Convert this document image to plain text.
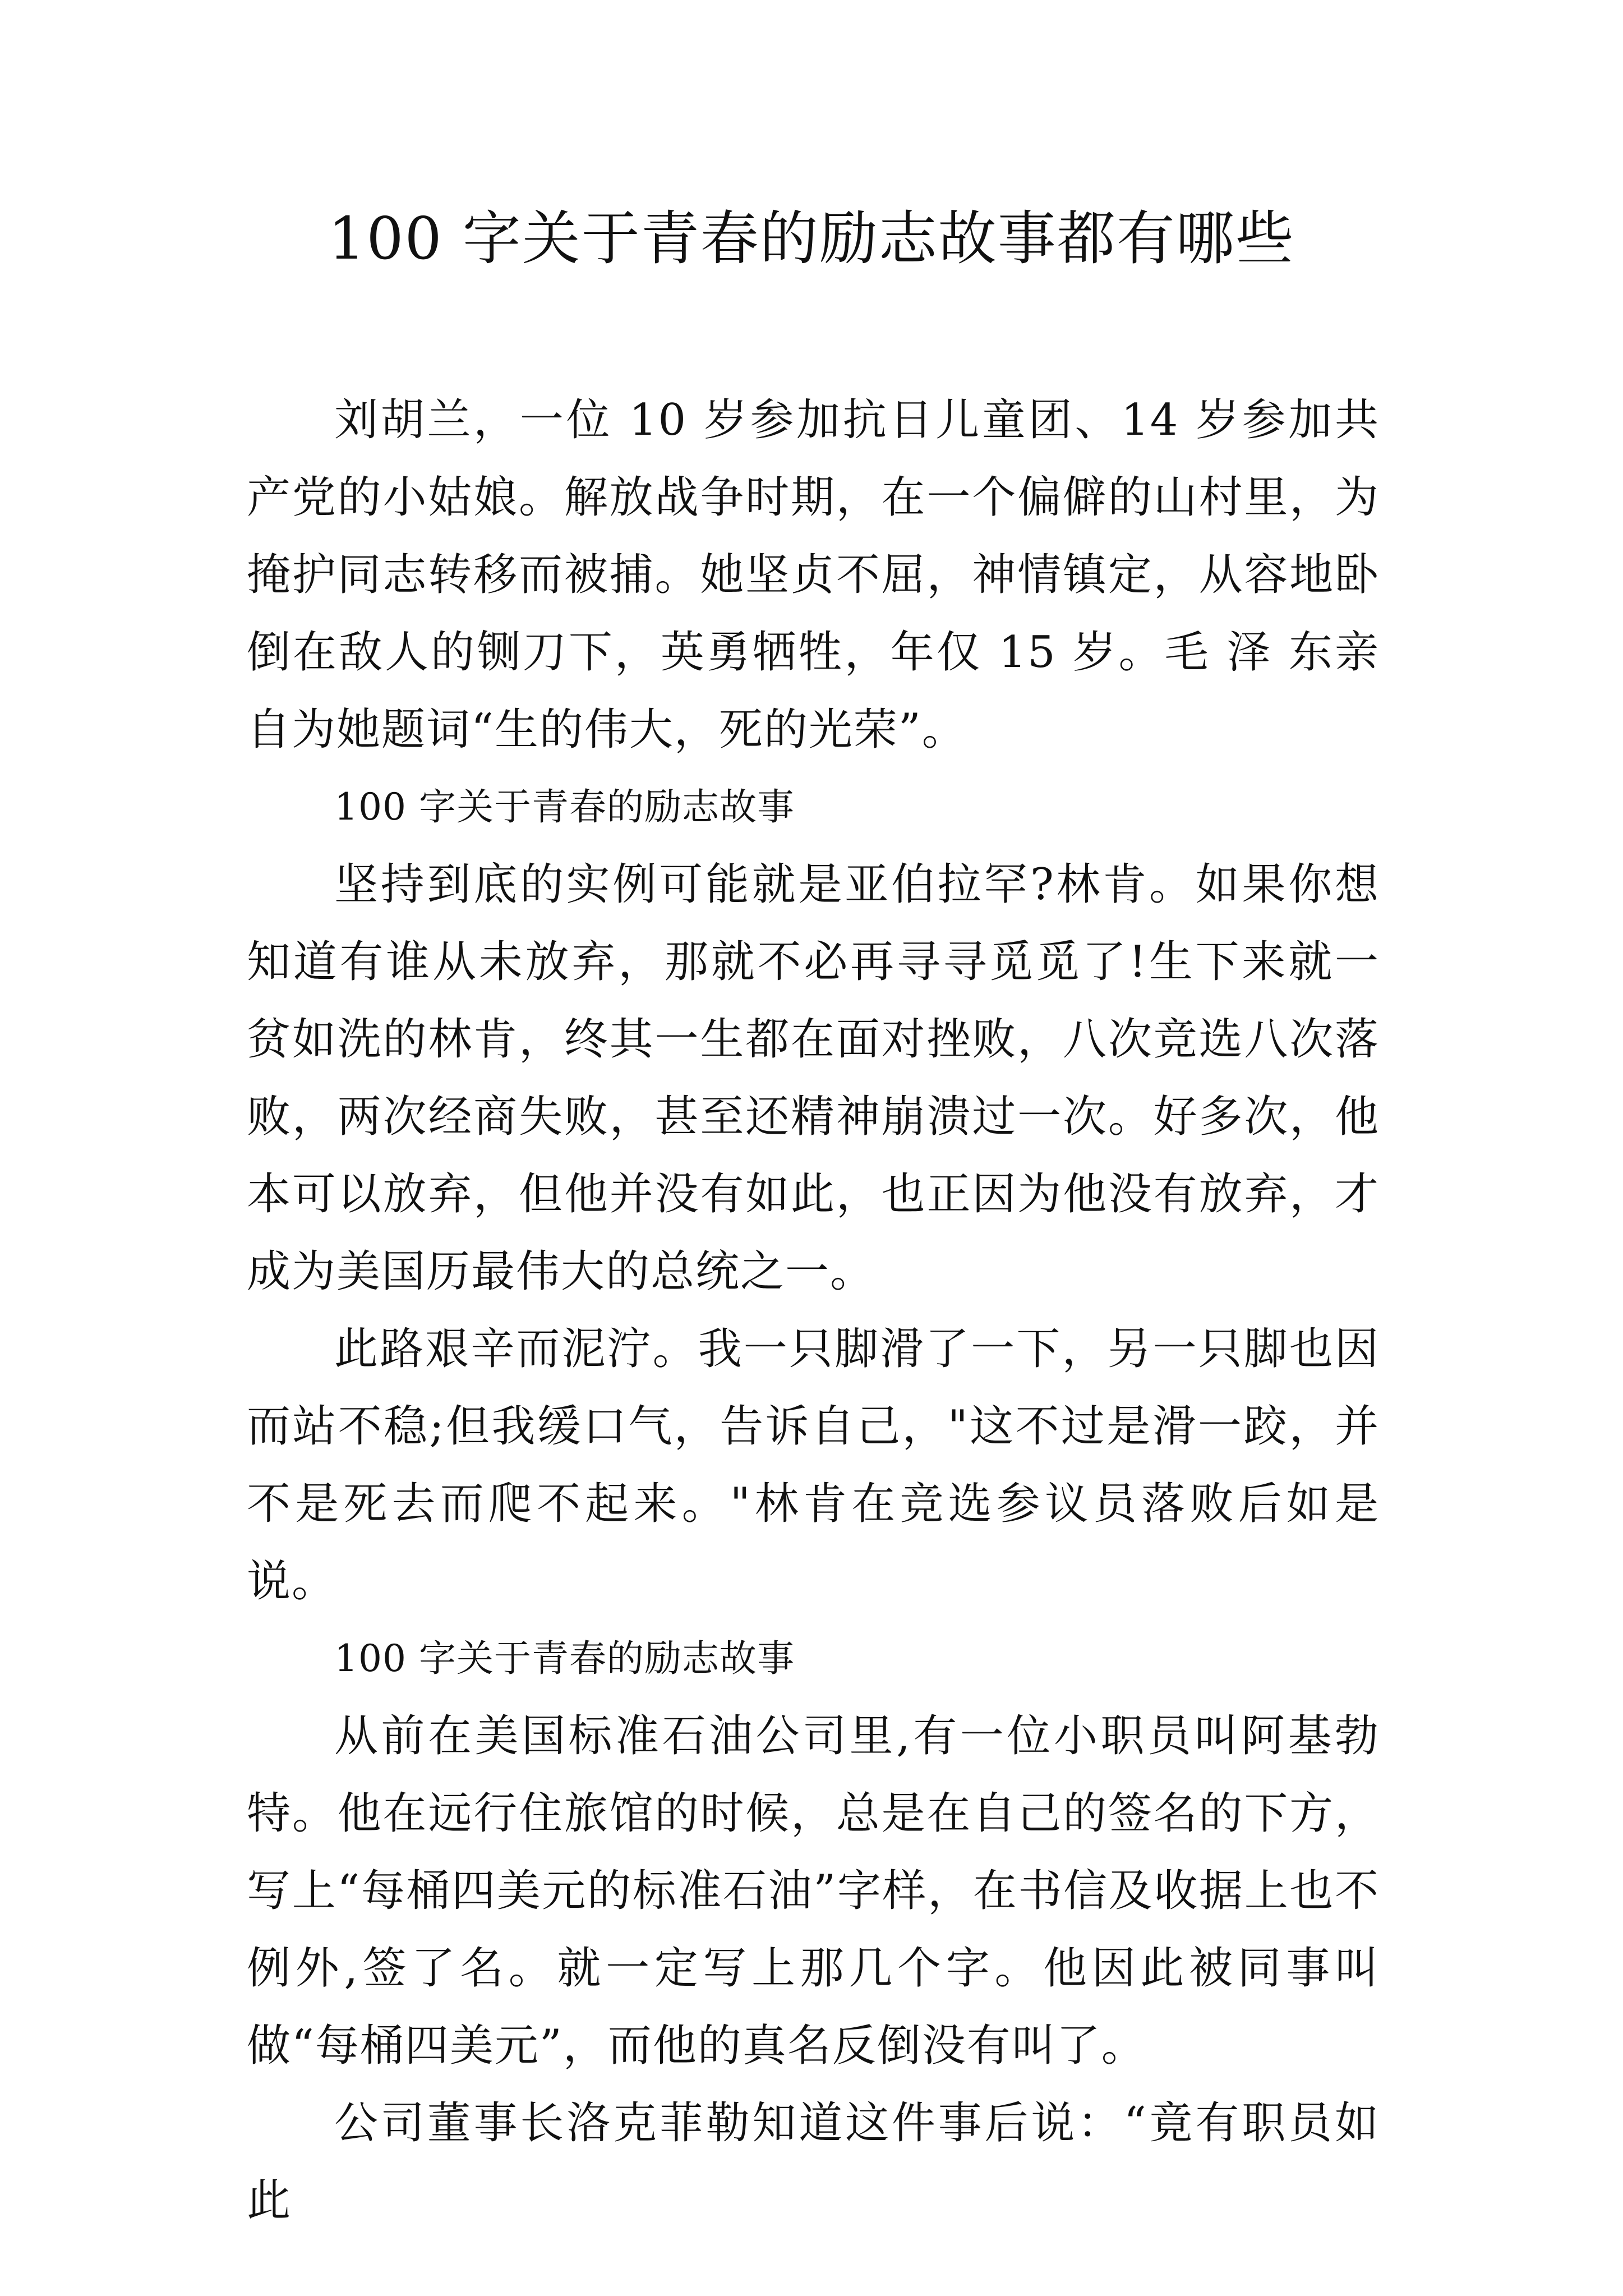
100 字关于青春的励志故事都有哪些

刘胡兰，一位 10 岁参加抗日儿童团、14 岁参加共 产党的小姑娘。解放战争时期，在一个偏僻的山村里，为掩护同志转移而被捕。她坚贞不屈，神情镇定，从容地卧倒在敌人的铡刀下，英勇牺牲，年仅 15 岁。毛 泽 东亲自为她题词“生的伟大，死的光荣”。

100 字关于青春的励志故事

坚持到底的实例可能就是亚伯拉罕?林肯。如果你想知道有谁从未放弃，那就不必再寻寻觅觅了!生下来就一贫如洗的林肯，终其一生都在面对挫败，八次竞选八次落败，两次经商失败，甚至还精神崩溃过一次。好多次，他本可以放弃，但他并没有如此，也正因为他没有放弃，才成为美国历最伟大的总统之一。

此路艰辛而泥泞。我一只脚滑了一下，另一只脚也因而站不稳;但我缓口气，告诉自己，"这不过是滑一跤，并不是死去而爬不起来。"林肯在竞选参议员落败后如是说。

100 字关于青春的励志故事

从前在美国标准石油公司里,有一位小职员叫阿基勃特。他在远行住旅馆的时候，总是在自己的签名的下方，写上“每桶四美元的标准石油”字样，在书信及收据上也不例外,签了名。就一定写上那几个字。他因此被同事叫做“每桶四美元”，而他的真名反倒没有叫了。

公司董事长洛克菲勒知道这件事后说：“竟有职员如此
